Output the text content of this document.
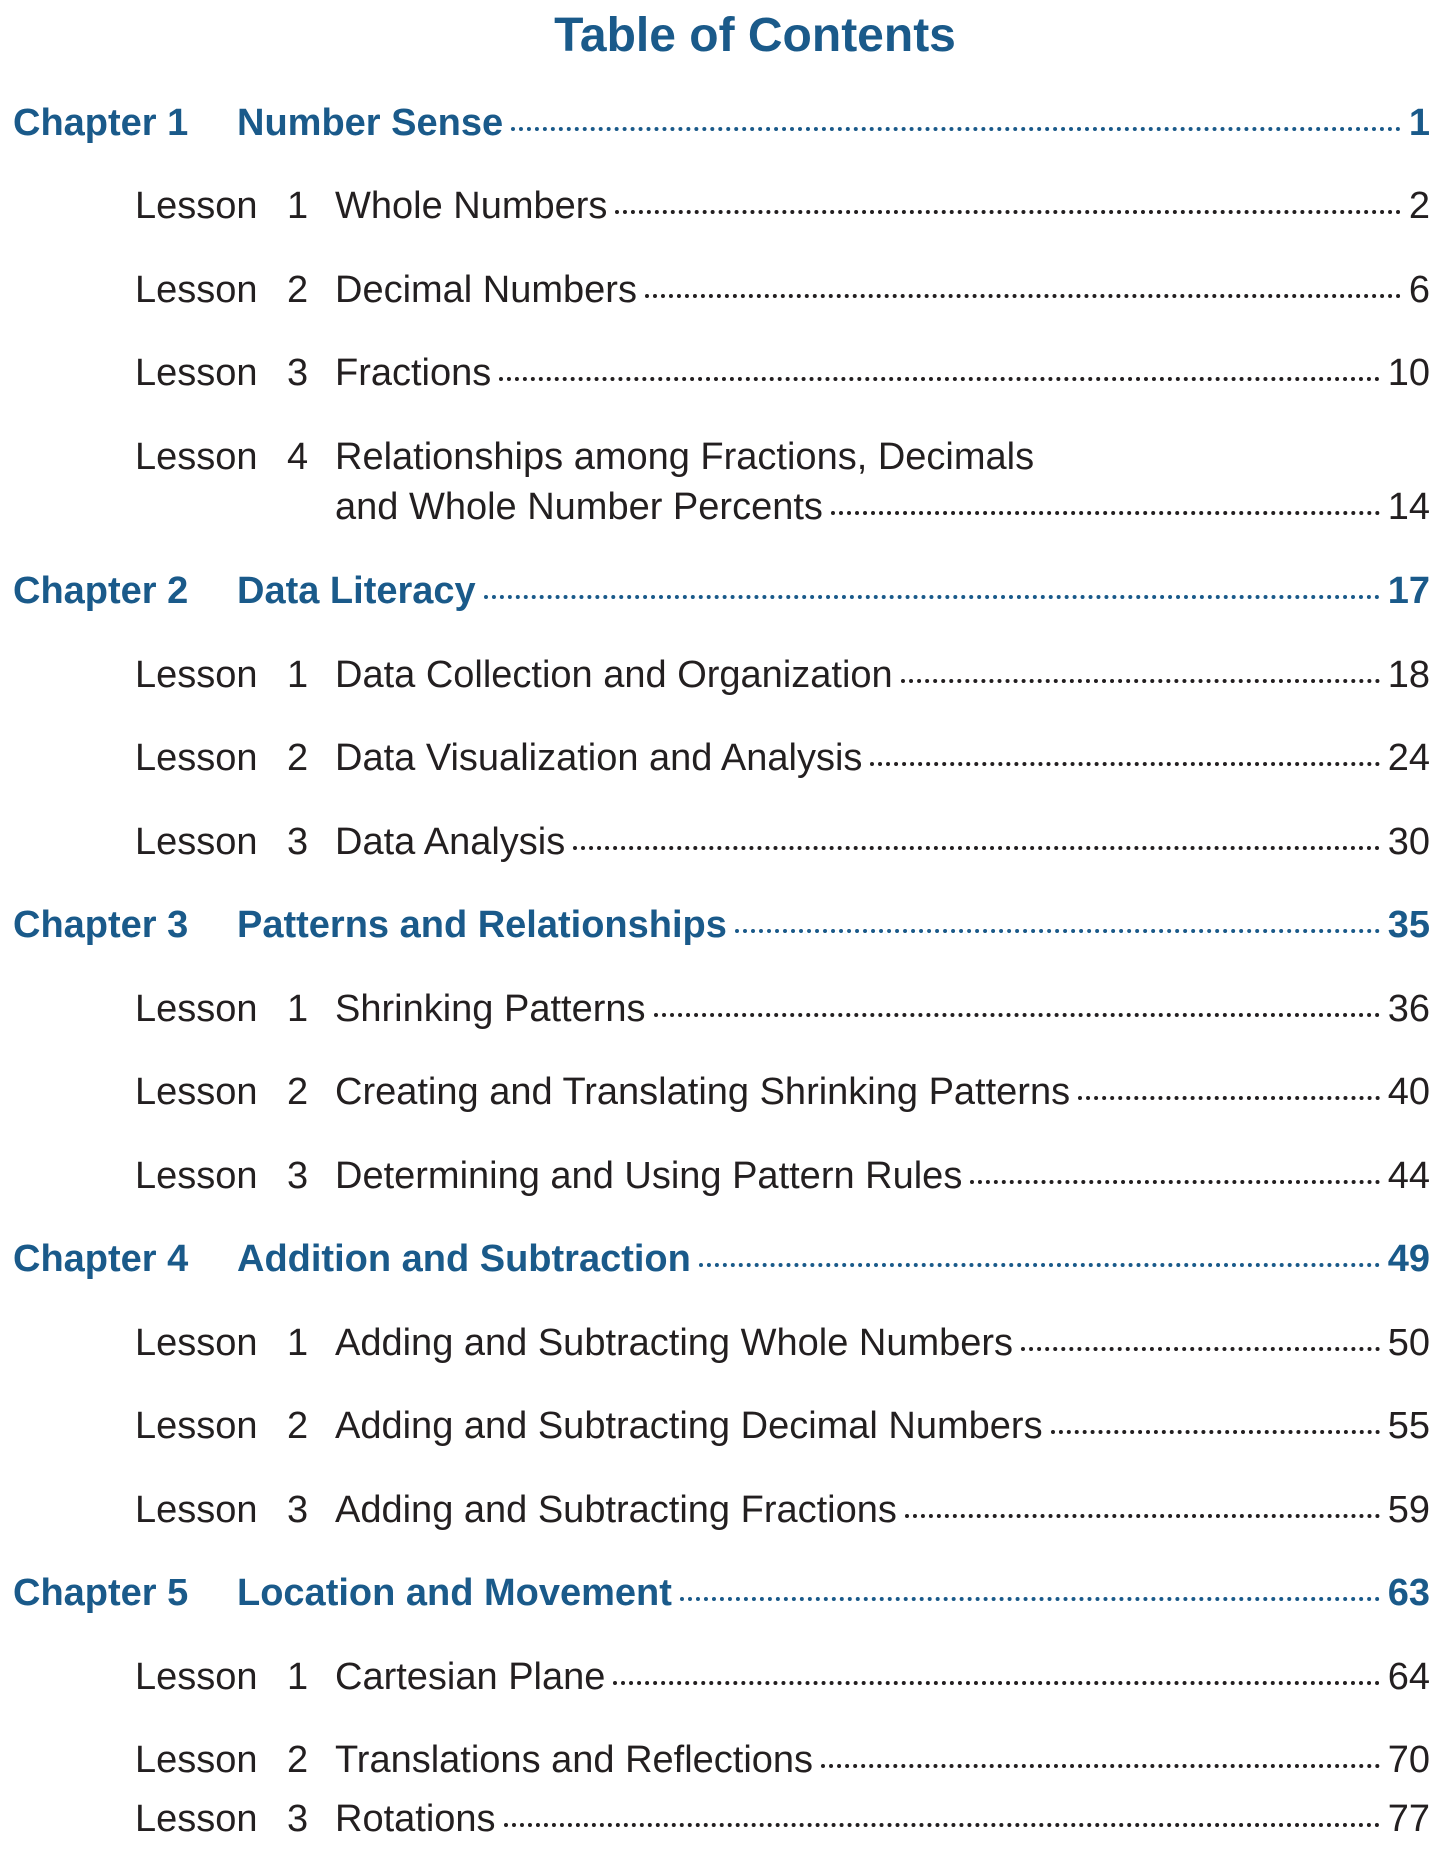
Table of Contents
Chapter 1	Number Sense	1
Lesson 1 Whole Numbers	2
Lesson 2 Decimal Numbers	6
Lesson 3 Fractions	10
Lesson 4 Relationships among Fractions, Decimals
and Whole Number Percents	14
Chapter 2	Data Literacy	17
Lesson 1 Data Collection and Organization	18
Lesson 2 Data Visualization and Analysis	24
Lesson 3 Data Analysis	30
Chapter 3	Patterns and Relationships	35
Lesson 1 Shrinking Patterns	36
Lesson 2 Creating and Translating Shrinking Patterns	40
Lesson 3 Determining and Using Pattern Rules	44
Chapter 4	Addition and Subtraction	49
Lesson 1 Adding and Subtracting Whole Numbers	50
Lesson 2 Adding and Subtracting Decimal Numbers	55
Lesson 3 Adding and Subtracting Fractions	59
Chapter 5	Location and Movement	63
Lesson 1 Cartesian Plane	64
Lesson 2 Translations and Reflections	70
Lesson 3 Rotations	77
